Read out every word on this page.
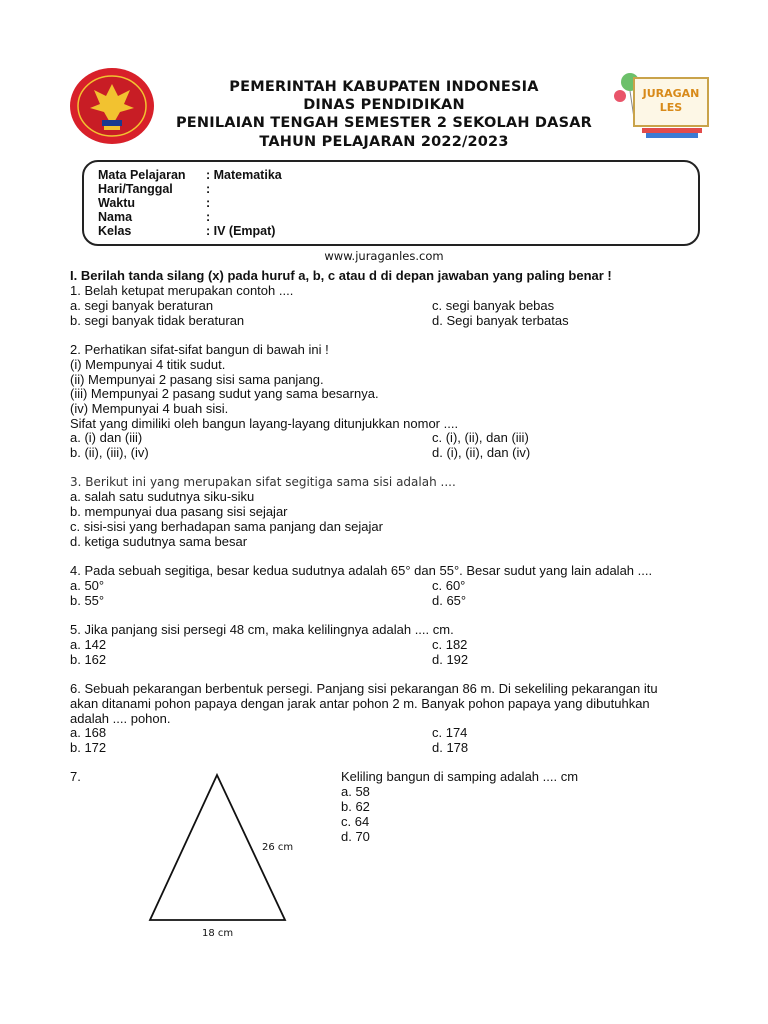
JURAGAN
LES
PEMERINTAH KABUPATEN INDONESIA
DINAS PENDIDIKAN
PENILAIAN TENGAH SEMESTER 2 SEKOLAH DASAR
TAHUN PELAJARAN 2022/2023
Mata Pelajaran : Matematika
Hari/Tanggal	:
Waktu	:
Nama	:
Kelas	: IV (Empat)
www.juraganles.com
I. Berilah tanda silang (x) pada huruf a, b, c atau d di depan jawaban yang paling benar !
1. Belah ketupat merupakan contoh ....
a. segi banyak beraturan	c. segi banyak bebas
b. segi banyak tidak beraturan	d. Segi banyak terbatas
2. Perhatikan sifat-sifat bangun di bawah ini !
(i) Mempunyai 4 titik sudut.
(ii) Mempunyai 2 pasang sisi sama panjang.
(iii) Mempunyai 2 pasang sudut yang sama besarnya.
(iv) Mempunyai 4 buah sisi.
Sifat yang dimiliki oleh bangun layang-layang ditunjukkan nomor ....
a. (i) dan (iii)	c. (i), (ii), dan (iii)
b. (ii), (iii), (iv)	d. (i), (ii), dan (iv)
3. Berikut ini yang merupakan sifat segitiga sama sisi adalah ....
a. salah satu sudutnya siku-siku
b. mempunyai dua pasang sisi sejajar
c. sisi-sisi yang berhadapan sama panjang dan sejajar
d. ketiga sudutnya sama besar
4. Pada sebuah segitiga, besar kedua sudutnya adalah 65° dan 55°. Besar sudut yang lain adalah ....
a. 50°	c. 60°
b. 55°	d. 65°
5. Jika panjang sisi persegi 48 cm, maka kelilingnya adalah .... cm.
a. 142	c. 182
b. 162	d. 192
6. Sebuah pekarangan berbentuk persegi. Panjang sisi pekarangan 86 m. Di sekeliling pekarangan itu
akan ditanami pohon papaya dengan jarak antar pohon 2 m. Banyak pohon papaya yang dibutuhkan
adalah .... pohon.
a. 168	c. 174
b. 172	d. 178
7.
26 cm
18 cm
Keliling bangun di samping adalah .... cm
a. 58
b. 62
c. 64
d. 70
